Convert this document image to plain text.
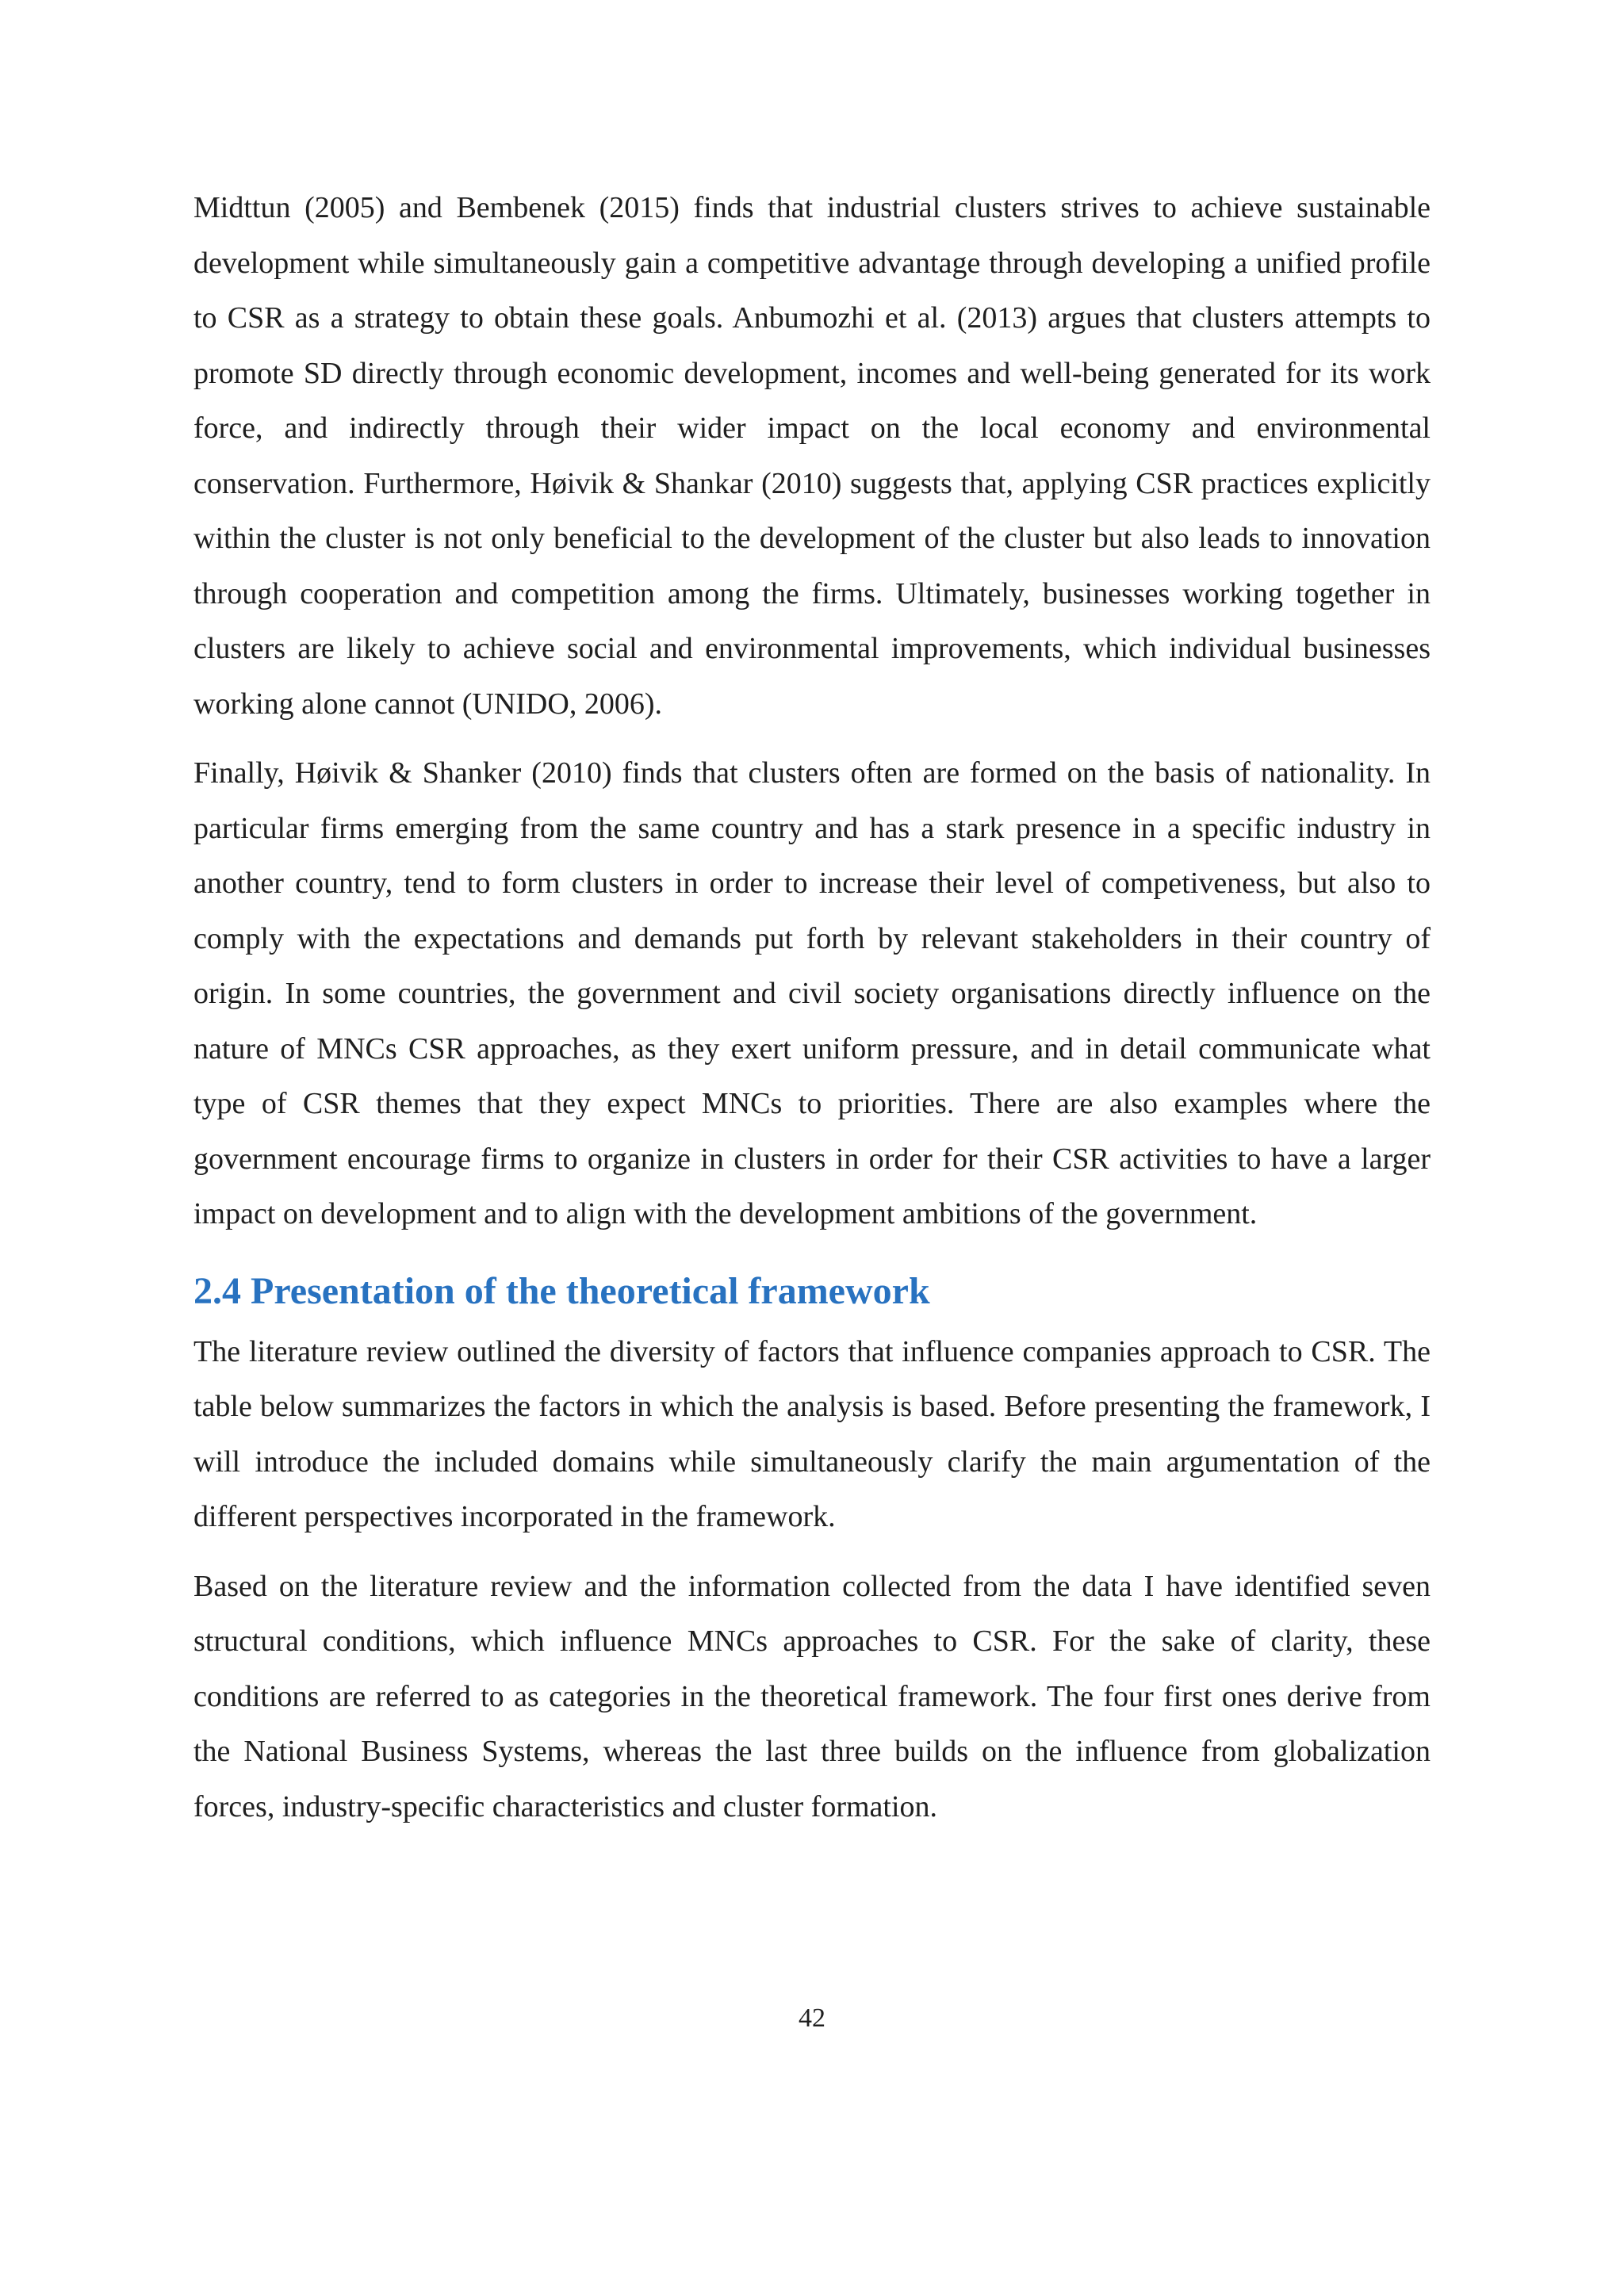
Midttun (2005) and Bembenek (2015) finds that industrial clusters strives to achieve sustainable development while simultaneously gain a competitive advantage through developing a unified profile to CSR as a strategy to obtain these goals. Anbumozhi et al. (2013) argues that clusters attempts to promote SD directly through economic development, incomes and well-being generated for its work force, and indirectly through their wider impact on the local economy and environmental conservation. Furthermore, Høivik & Shankar (2010) suggests that, applying CSR practices explicitly within the cluster is not only beneficial to the development of the cluster but also leads to innovation through cooperation and competition among the firms. Ultimately, businesses working together in clusters are likely to achieve social and environmental improvements, which individual businesses working alone cannot (UNIDO, 2006).

Finally, Høivik & Shanker (2010) finds that clusters often are formed on the basis of nationality. In particular firms emerging from the same country and has a stark presence in a specific industry in another country, tend to form clusters in order to increase their level of competiveness, but also to comply with the expectations and demands put forth by relevant stakeholders in their country of origin. In some countries, the government and civil society organisations directly influence on the nature of MNCs CSR approaches, as they exert uniform pressure, and in detail communicate what type of CSR themes that they expect MNCs to priorities. There are also examples where the government encourage firms to organize in clusters in order for their CSR activities to have a larger impact on development and to align with the development ambitions of the government.

2.4 Presentation of the theoretical framework

The literature review outlined the diversity of factors that influence companies approach to CSR. The table below summarizes the factors in which the analysis is based. Before presenting the framework, I will introduce the included domains while simultaneously clarify the main argumentation of the different perspectives incorporated in the framework.

Based on the literature review and the information collected from the data I have identified seven structural conditions, which influence MNCs approaches to CSR. For the sake of clarity, these conditions are referred to as categories in the theoretical framework. The four first ones derive from the National Business Systems, whereas the last three builds on the influence from globalization forces, industry-specific characteristics and cluster formation.

42
